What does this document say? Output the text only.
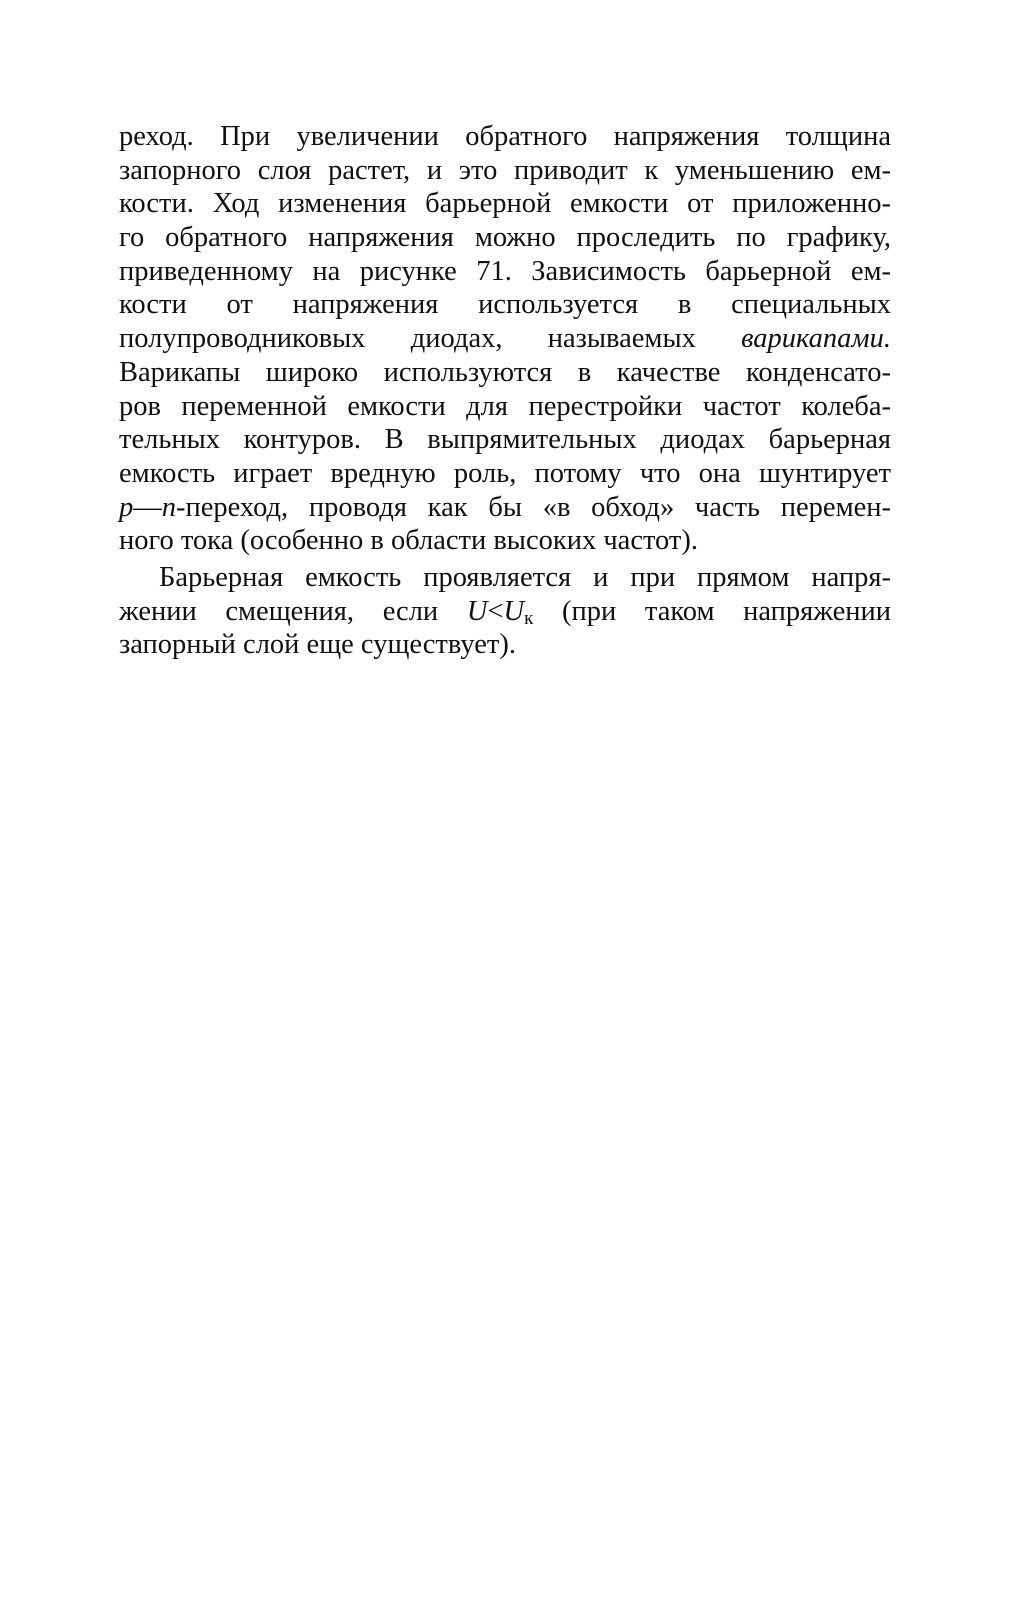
реход. При увеличении обратного напряжения толщина
запорного слоя растет, и это приводит к уменьшению ем-
кости. Ход изменения барьерной емкости от приложенно-
го обратного напряжения можно проследить по графику,
приведенному на рисунке 71. Зависимость барьерной ем-
кости от напряжения используется в специальных
полупроводниковых диодах, называемых варикапами.
Варикапы широко используются в качестве конденсато-
ров переменной емкости для перестройки частот колеба-
тельных контуров. В выпрямительных диодах барьерная
емкость играет вредную роль, потому что она шунтирует
p—n-переход, проводя как бы «в обход» часть перемен-
ного тока (особенно в области высоких частот).
Барьерная емкость проявляется и при прямом напря-
жении смещения, если U<Uк (при таком напряжении
запорный слой еще существует).
